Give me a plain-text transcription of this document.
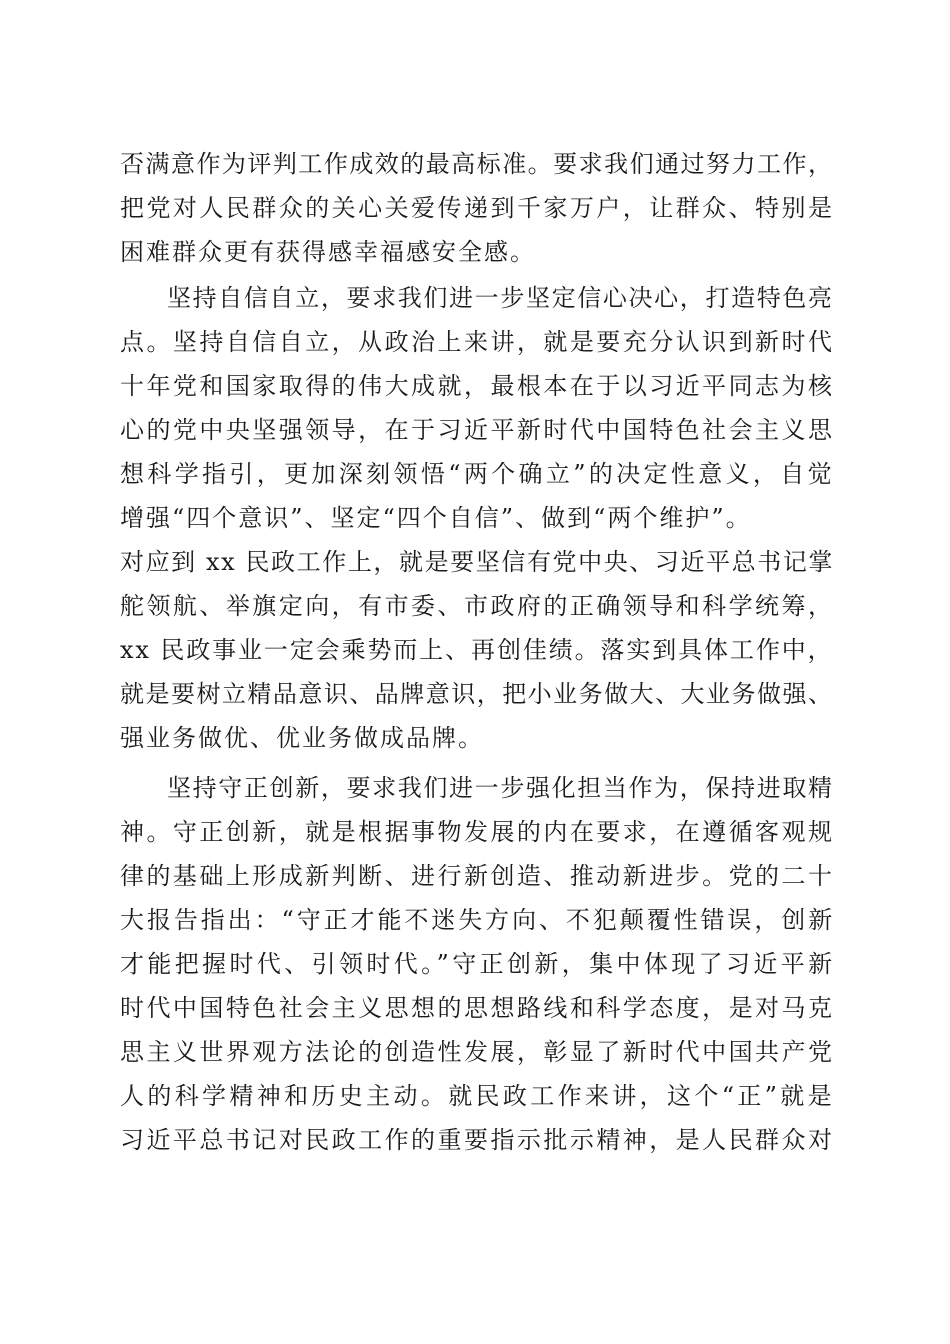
否满意作为评判工作成效的最高标准。要求我们通过努力工作，
把党对人民群众的关心关爱传递到千家万户，让群众、特别是
困难群众更有获得感幸福感安全感。
坚持自信自立，要求我们进一步坚定信心决心，打造特色亮
点。坚持自信自立，从政治上来讲，就是要充分认识到新时代
十年党和国家取得的伟大成就，最根本在于以习近平同志为核
心的党中央坚强领导，在于习近平新时代中国特色社会主义思
想科学指引，更加深刻领悟“两个确立”的决定性意义，自觉
增强“四个意识”、坚定“四个自信”、做到“两个维护”。
对应到 xx 民政工作上，就是要坚信有党中央、习近平总书记掌
舵领航、举旗定向，有市委、市政府的正确领导和科学统筹，
xx 民政事业一定会乘势而上、再创佳绩。落实到具体工作中，
就是要树立精品意识、品牌意识，把小业务做大、大业务做强、
强业务做优、优业务做成品牌。
坚持守正创新，要求我们进一步强化担当作为，保持进取精
神。守正创新，就是根据事物发展的内在要求，在遵循客观规
律的基础上形成新判断、进行新创造、推动新进步。党的二十
大报告指出：“守正才能不迷失方向、不犯颠覆性错误，创新
才能把握时代、引领时代。”守正创新，集中体现了习近平新
时代中国特色社会主义思想的思想路线和科学态度，是对马克
思主义世界观方法论的创造性发展，彰显了新时代中国共产党
人的科学精神和历史主动。就民政工作来讲，这个“正”就是
习近平总书记对民政工作的重要指示批示精神，是人民群众对
